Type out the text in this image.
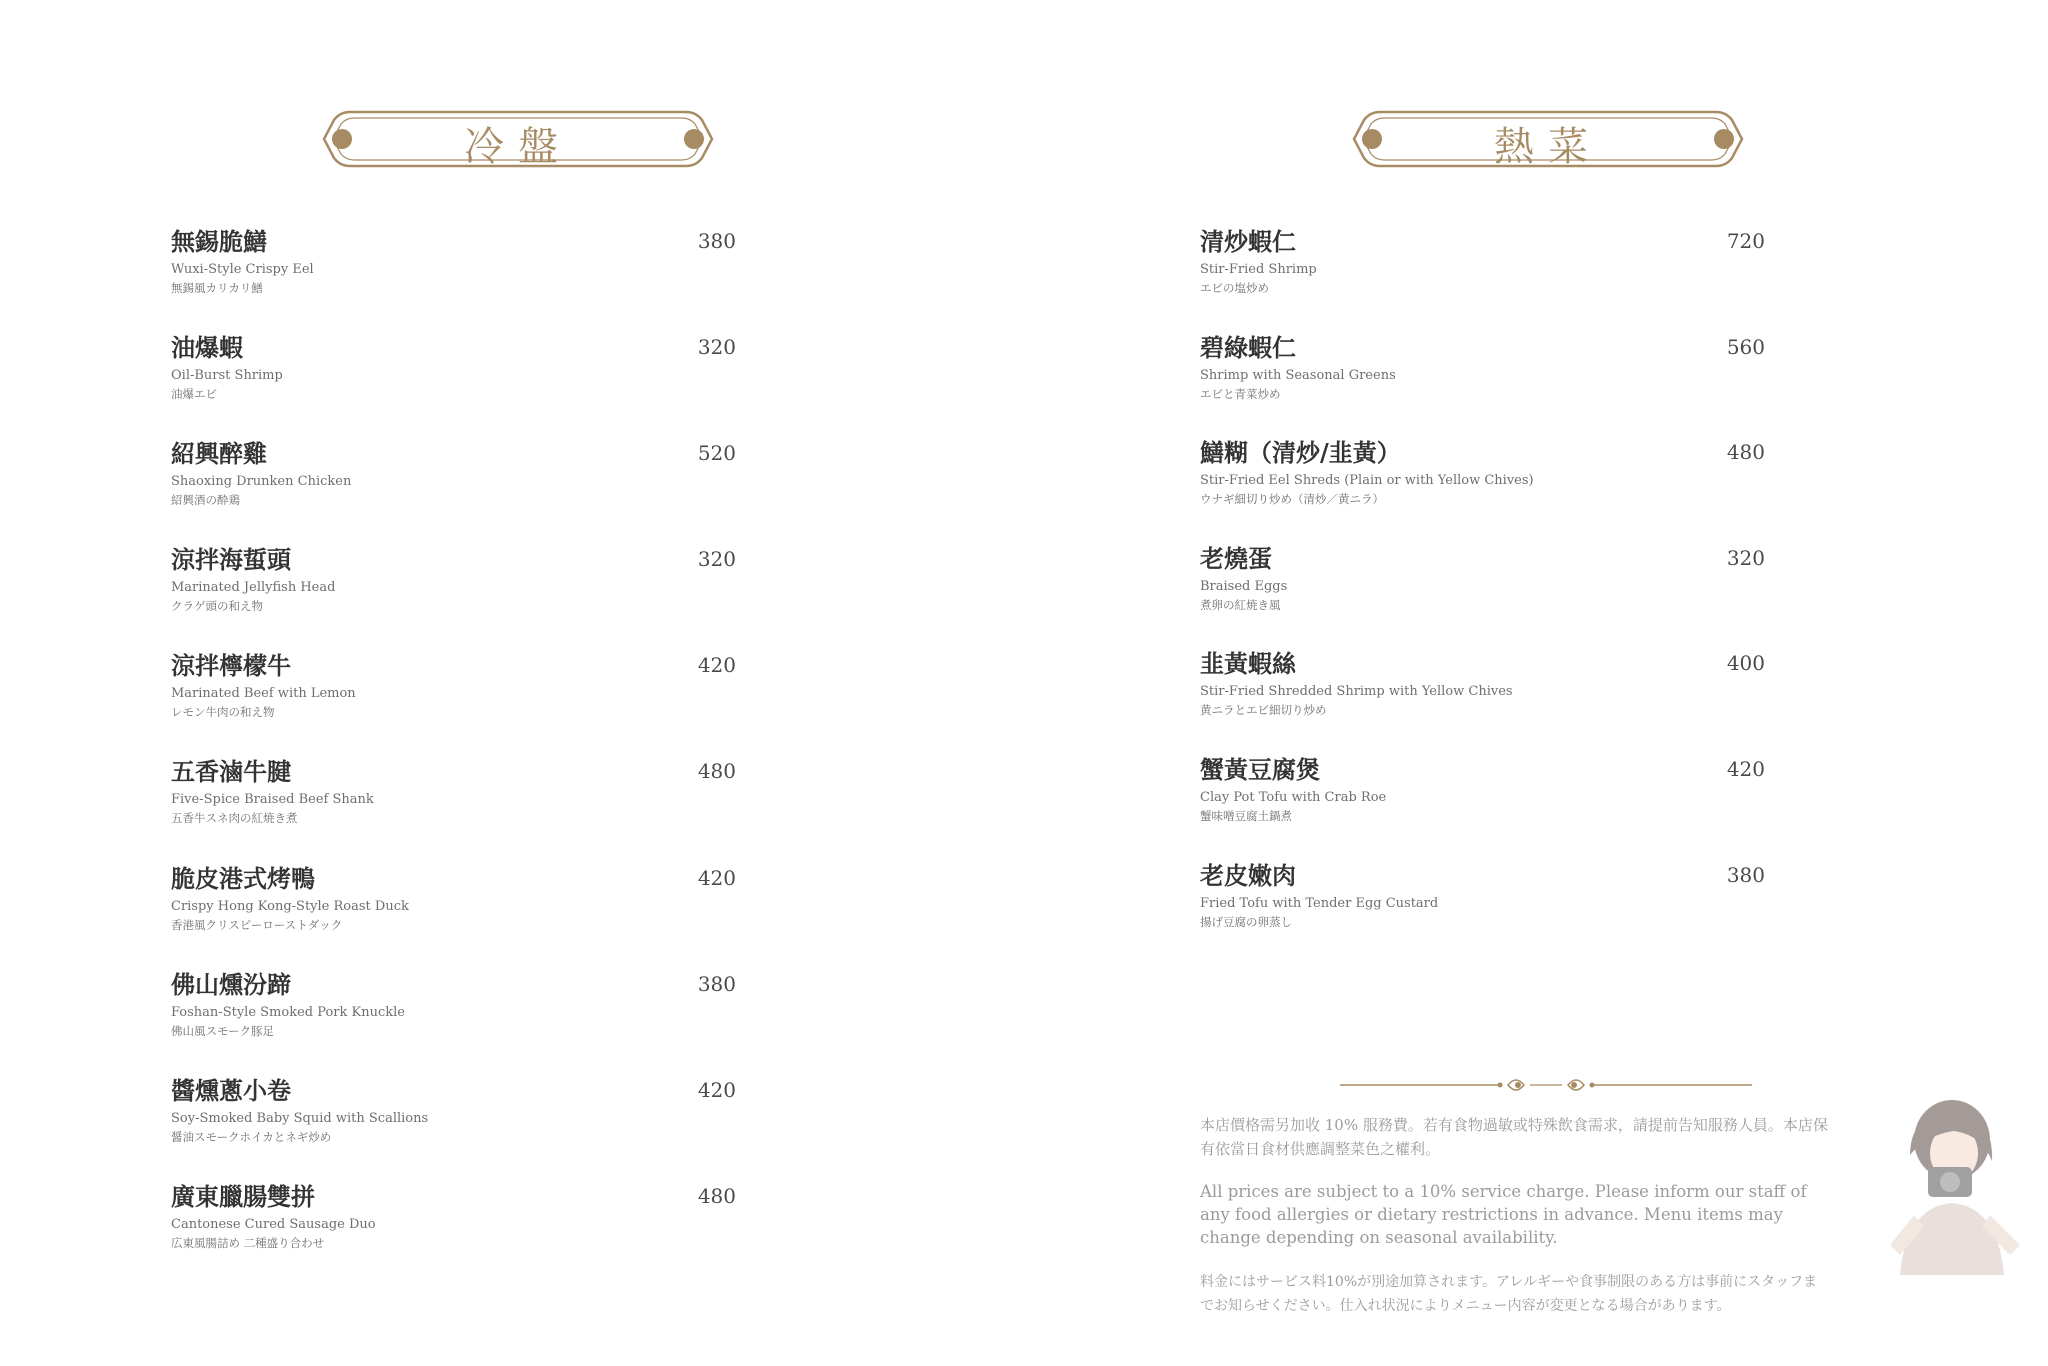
冷盤	熱菜
無錫脆鱔	380
Wuxi-Style Crispy Eel
無錫風カリカリ鱔
油爆蝦	320
Oil-Burst Shrimp
油爆エビ
紹興醉雞	520
Shaoxing Drunken Chicken
紹興酒の酔鶏
涼拌海蜇頭	320
Marinated Jellyfish Head
クラゲ頭の和え物
涼拌檸檬牛	420
Marinated Beef with Lemon
レモン牛肉の和え物
五香滷牛腱	480
Five-Spice Braised Beef Shank
五香牛スネ肉の紅焼き煮
脆皮港式烤鴨	420
Crispy Hong Kong-Style Roast Duck
香港風クリスピーローストダック
佛山燻汾蹄	380
Foshan-Style Smoked Pork Knuckle
佛山風スモーク豚足
醬燻蔥小卷	420
Soy-Smoked Baby Squid with Scallions
醤油スモークホイカとネギ炒め
廣東臘腸雙拼	480
Cantonese Cured Sausage Duo
広東風腸詰め 二種盛り合わせ
清炒蝦仁	720
Stir-Fried Shrimp
エビの塩炒め
碧綠蝦仁	560
Shrimp with Seasonal Greens
エビと青菜炒め
鱔糊（清炒/韭黃）	480
Stir-Fried Eel Shreds (Plain or with Yellow Chives)
ウナギ細切り炒め（清炒／黄ニラ）
老燒蛋	320
Braised Eggs
煮卵の紅焼き風
韭黃蝦絲	400
Stir-Fried Shredded Shrimp with Yellow Chives
黄ニラとエビ細切り炒め
蟹黃豆腐煲	420
Clay Pot Tofu with Crab Roe
蟹味噌豆腐土鍋煮
老皮嫩肉	380
Fried Tofu with Tender Egg Custard
揚げ豆腐の卵蒸し
本店價格需另加收 10% 服務費。若有食物過敏或特殊飲食需求，請提前告知服務人員。本店保有依當日食材供應調整菜色之權利。
All prices are subject to a 10% service charge. Please inform our staff of any food allergies or dietary restrictions in advance. Menu items may change depending on seasonal availability.
料金にはサービス料10%が別途加算されます。アレルギーや食事制限のある方は事前にスタッフまでお知らせください。仕入れ状況によりメニュー内容が変更となる場合があります。
